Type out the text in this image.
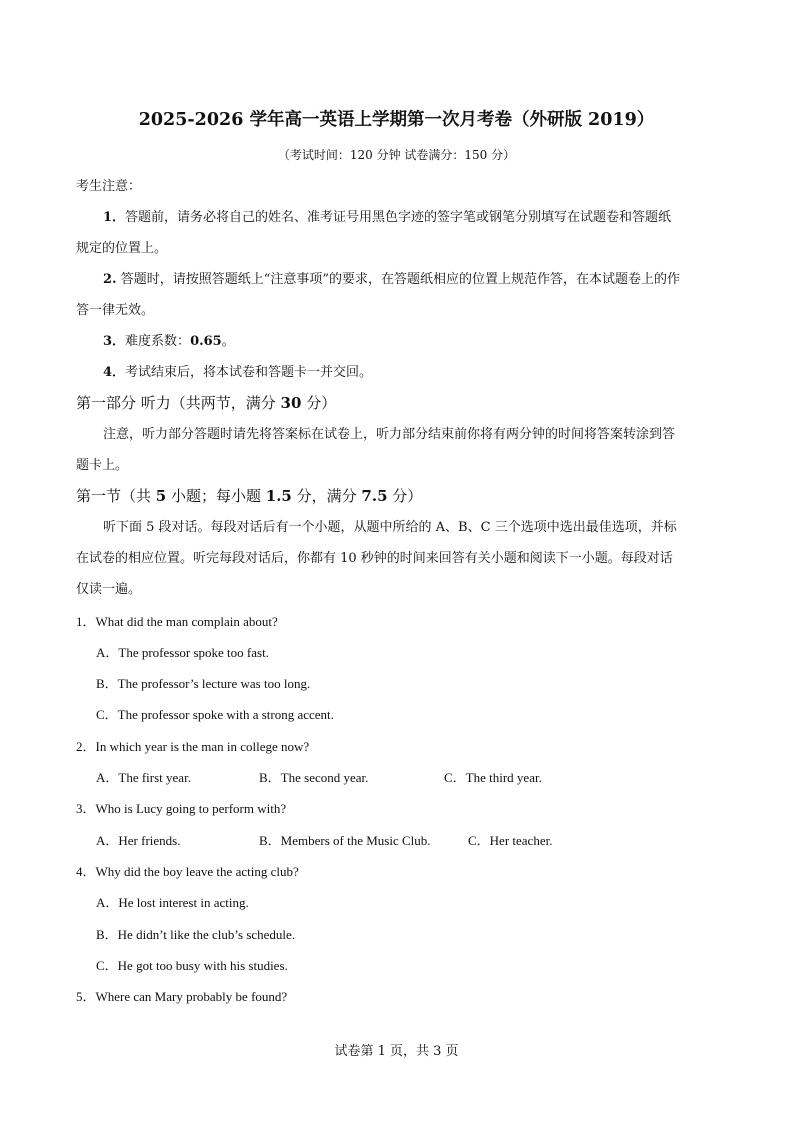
2025-2026 学年高一英语上学期第一次月考卷（外研版 2019）
（考试时间：120 分钟 试卷满分：150 分）
考生注意：
1．答题前，请务必将自己的姓名、准考证号用黑色字迹的签字笔或钢笔分别填写在试题卷和答题纸
规定的位置上。
2. 答题时，请按照答题纸上“注意事项”的要求，在答题纸相应的位置上规范作答，在本试题卷上的作
答一律无效。
3．难度系数：0.65。
4．考试结束后，将本试卷和答题卡一并交回。
第一部分 听力（共两节，满分 30 分）
注意，听力部分答题时请先将答案标在试卷上，听力部分结束前你将有两分钟的时间将答案转涂到答
题卡上。
第一节（共 5 小题；每小题 1.5 分，满分 7.5 分）
听下面 5 段对话。每段对话后有一个小题，从题中所给的 A、B、C 三个选项中选出最佳选项，并标
在试卷的相应位置。听完每段对话后，你都有 10 秒钟的时间来回答有关小题和阅读下一小题。每段对话
仅读一遍。
1．What did the man complain about?
A．The professor spoke too fast.
B．The professor’s lecture was too long.
C．The professor spoke with a strong accent.
2．In which year is the man in college now?
A．The first year.	B．The second year.	C．The third year.
3．Who is Lucy going to perform with?
A．Her friends.	B．Members of the Music Club.	C．Her teacher.
4．Why did the boy leave the acting club?
A．He lost interest in acting.
B．He didn’t like the club’s schedule.
C．He got too busy with his studies.
5．Where can Mary probably be found?
试卷第 1 页，共 3 页
